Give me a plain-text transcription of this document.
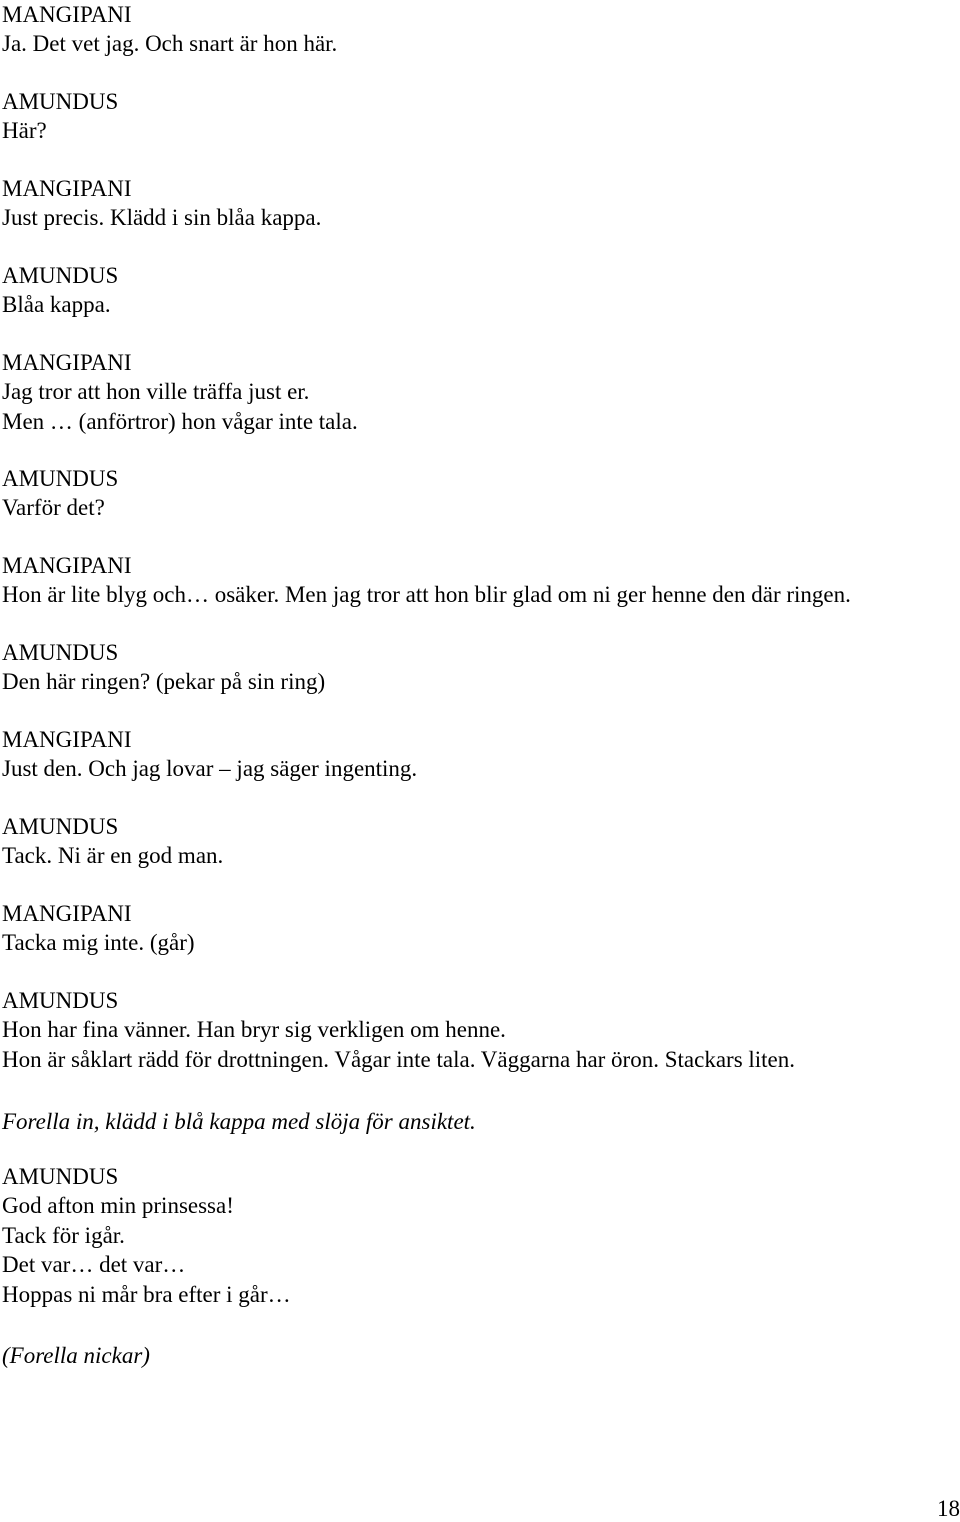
MANGIPANI
Ja. Det vet jag. Och snart är hon här.
AMUNDUS
Här?
MANGIPANI
Just precis. Klädd i sin blåa kappa.
AMUNDUS
Blåa kappa.
MANGIPANI
Jag tror att hon ville träffa just er.
Men … (anförtror) hon vågar inte tala.
AMUNDUS
Varför det?
MANGIPANI
Hon är lite blyg och… osäker. Men jag tror att hon blir glad om ni ger henne den där ringen.
AMUNDUS
Den här ringen? (pekar på sin ring)
MANGIPANI
Just den. Och jag lovar – jag säger ingenting.
AMUNDUS
Tack. Ni är en god man.
MANGIPANI
Tacka mig inte. (går)
AMUNDUS
Hon har fina vänner. Han bryr sig verkligen om henne.
Hon är såklart rädd för drottningen. Vågar inte tala. Väggarna har öron. Stackars liten.
Forella in, klädd i blå kappa med slöja för ansiktet.
AMUNDUS
God afton min prinsessa!
Tack för igår.
Det var… det var…
Hoppas ni mår bra efter i går…
(Forella nickar)
18
